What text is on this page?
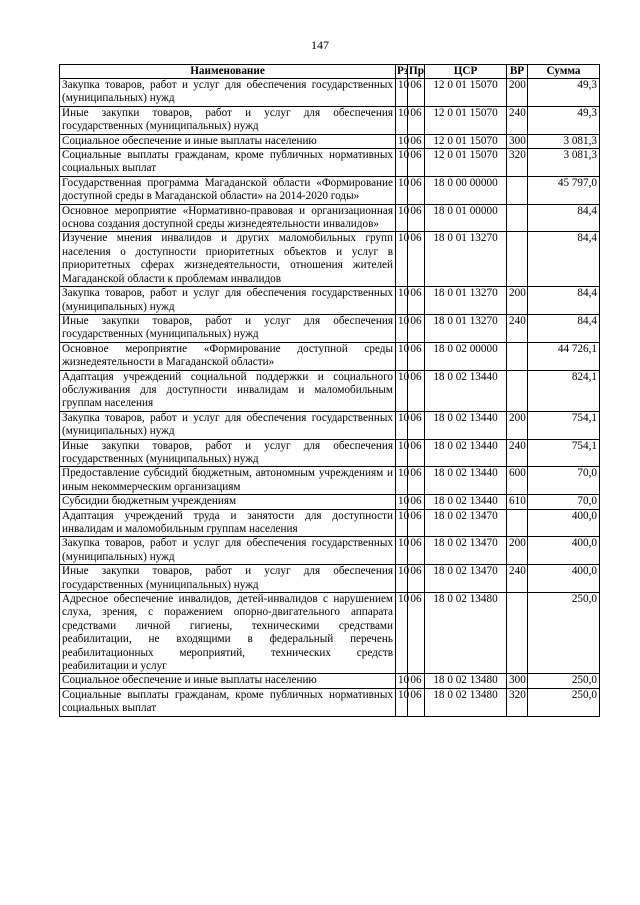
147
Наименование	Рз	Пр	ЦСР	ВР	Сумма
Закупка товаров, работ и услуг для обеспечения государственных (муниципальных) нужд	10	06	12 0 01 15070	200	49,3
Иные закупки товаров, работ и услуг для обеспечения государственных (муниципальных) нужд	10	06	12 0 01 15070	240	49,3
Социальное обеспечение и иные выплаты населению	10	06	12 0 01 15070	300	3 081,3
Социальные выплаты гражданам, кроме публичных нормативных социальных выплат	10	06	12 0 01 15070	320	3 081,3
Государственная программа Магаданской области «Формирование доступной среды в Магаданской области» на 2014-2020 годы»	10	06	18 0 00 00000		45 797,0
Основное мероприятие «Нормативно-правовая и организационная основа создания доступной среды жизнедеятельности инвалидов»	10	06	18 0 01 00000		84,4
Изучение мнения инвалидов и других маломобильных групп населения о доступности приоритетных объектов и услуг в приоритетных сферах жизнедеятельности, отношения жителей Магаданской области к проблемам инвалидов	10	06	18 0 01 13270		84,4
Закупка товаров, работ и услуг для обеспечения государственных (муниципальных) нужд	10	06	18 0 01 13270	200	84,4
Иные закупки товаров, работ и услуг для обеспечения государственных (муниципальных) нужд	10	06	18 0 01 13270	240	84,4
Основное мероприятие «Формирование доступной среды жизнедеятельности в Магаданской области»	10	06	18 0 02 00000		44 726,1
Адаптация учреждений социальной поддержки и социального обслуживания для доступности инвалидам и маломобильным группам населения	10	06	18 0 02 13440		824,1
Закупка товаров, работ и услуг для обеспечения государственных (муниципальных) нужд	10	06	18 0 02 13440	200	754,1
Иные закупки товаров, работ и услуг для обеспечения государственных (муниципальных) нужд	10	06	18 0 02 13440	240	754,1
Предоставление субсидий бюджетным, автономным учреждениям и иным некоммерческим организациям	10	06	18 0 02 13440	600	70,0
Субсидии бюджетным учреждениям	10	06	18 0 02 13440	610	70,0
Адаптация учреждений труда и занятости для доступности инвалидам и маломобильным группам населения	10	06	18 0 02 13470		400,0
Закупка товаров, работ и услуг для обеспечения государственных (муниципальных) нужд	10	06	18 0 02 13470	200	400,0
Иные закупки товаров, работ и услуг для обеспечения государственных (муниципальных) нужд	10	06	18 0 02 13470	240	400,0
Адресное обеспечение инвалидов, детей-инвалидов с нарушением слуха, зрения, с поражением опорно-двигательного аппарата средствами личной гигиены, техническими средствами реабилитации, не входящими в федеральный перечень реабилитационных мероприятий, технических средств реабилитации и услуг	10	06	18 0 02 13480		250,0
Социальное обеспечение и иные выплаты населению	10	06	18 0 02 13480	300	250,0
Социальные выплаты гражданам, кроме публичных нормативных социальных выплат	10	06	18 0 02 13480	320	250,0
